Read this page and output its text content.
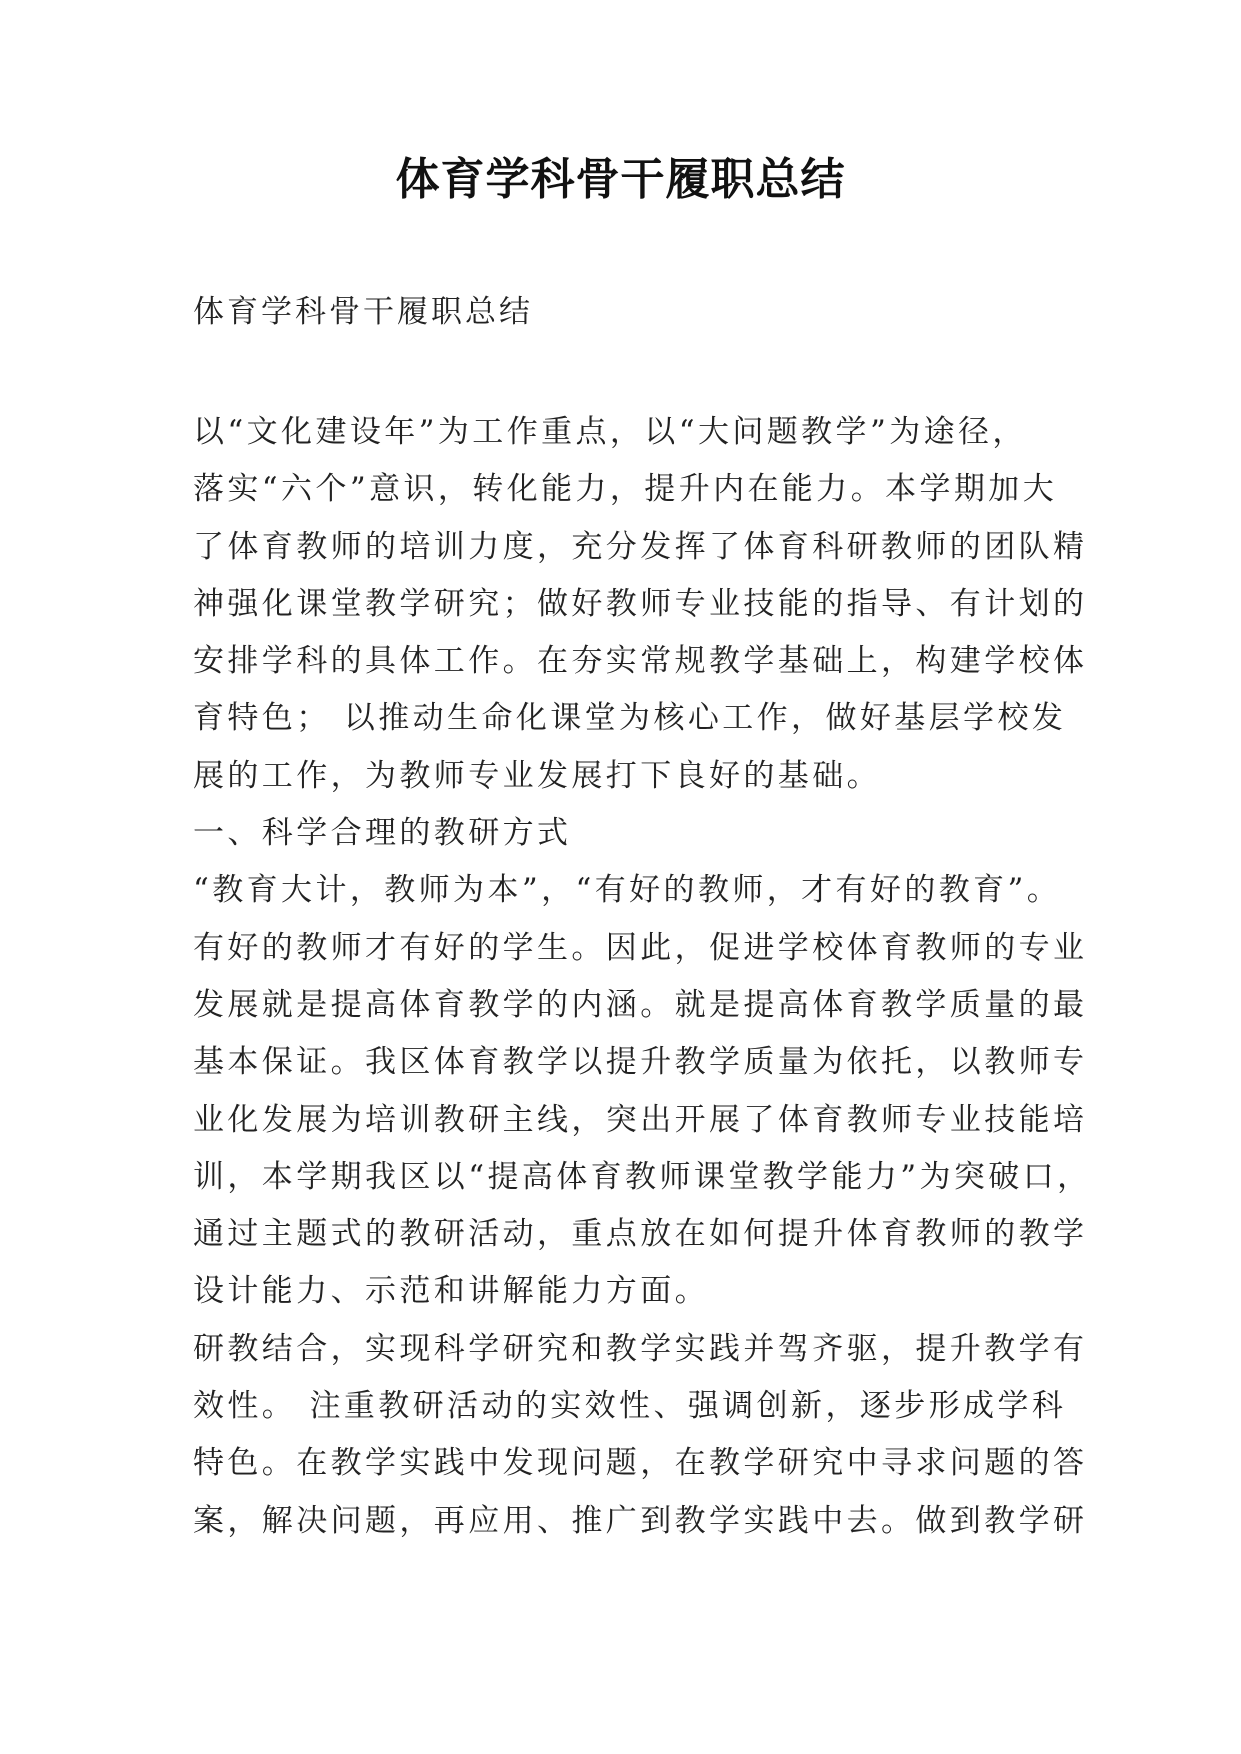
体育学科骨干履职总结
体育学科骨干履职总结
以“文化建设年”为工作重点，以“大问题教学”为途径，
落实“六个”意识，转化能力，提升内在能力。本学期加大
了体育教师的培训力度，充分发挥了体育科研教师的团队精
神强化课堂教学研究；做好教师专业技能的指导、有计划的
安排学科的具体工作。在夯实常规教学基础上，构建学校体
育特色； 以推动生命化课堂为核心工作，做好基层学校发
展的工作，为教师专业发展打下良好的基础。
一、科学合理的教研方式
“教育大计，教师为本”，“有好的教师，才有好的教育”。
有好的教师才有好的学生。因此，促进学校体育教师的专业
发展就是提高体育教学的内涵。就是提高体育教学质量的最
基本保证。我区体育教学以提升教学质量为依托，以教师专
业化发展为培训教研主线，突出开展了体育教师专业技能培
训，本学期我区以“提高体育教师课堂教学能力”为突破口，
通过主题式的教研活动，重点放在如何提升体育教师的教学
设计能力、示范和讲解能力方面。
研教结合，实现科学研究和教学实践并驾齐驱，提升教学有
效性。 注重教研活动的实效性、强调创新，逐步形成学科
特色。在教学实践中发现问题，在教学研究中寻求问题的答
案，解决问题，再应用、推广到教学实践中去。做到教学研
